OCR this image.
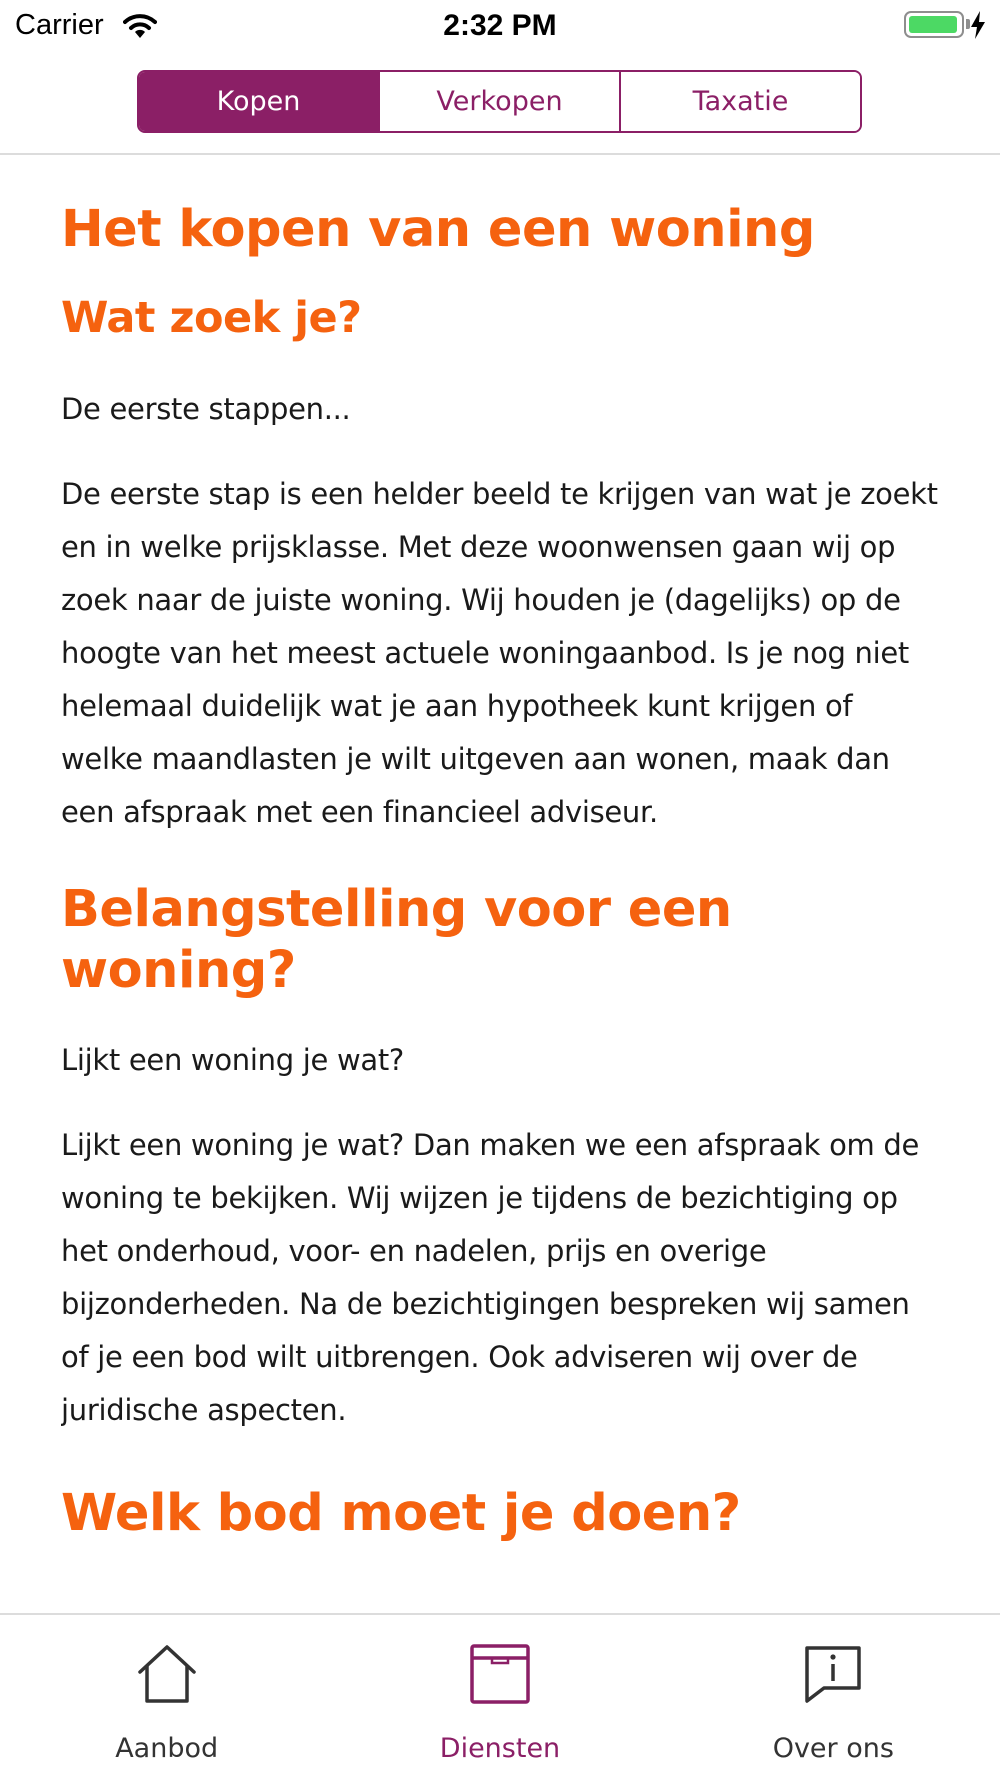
Carrier	2:32 PM
Kopen	Verkopen	Taxatie
Het kopen van een woning
Wat zoek je?
De eerste stappen...
De eerste stap is een helder beeld te krijgen van wat je zoekt en in welke prijsklasse. Met deze woonwensen gaan wij op zoek naar de juiste woning. Wij houden je (dagelijks) op de hoogte van het meest actuele woningaanbod. Is je nog niet helemaal duidelijk wat je aan hypotheek kunt krijgen of welke maandlasten je wilt uitgeven aan wonen, maak dan een afspraak met een financieel adviseur.
Belangstelling voor een woning?
Lijkt een woning je wat?
Lijkt een woning je wat? Dan maken we een afspraak om de woning te bekijken. Wij wijzen je tijdens de bezichtiging op het onderhoud, voor- en nadelen, prijs en overige bijzonderheden. Na de bezichtigingen bespreken wij samen of je een bod wilt uitbrengen. Ook adviseren wij over de juridische aspecten.
Welk bod moet je doen?
Aanbod	Diensten	Over ons
